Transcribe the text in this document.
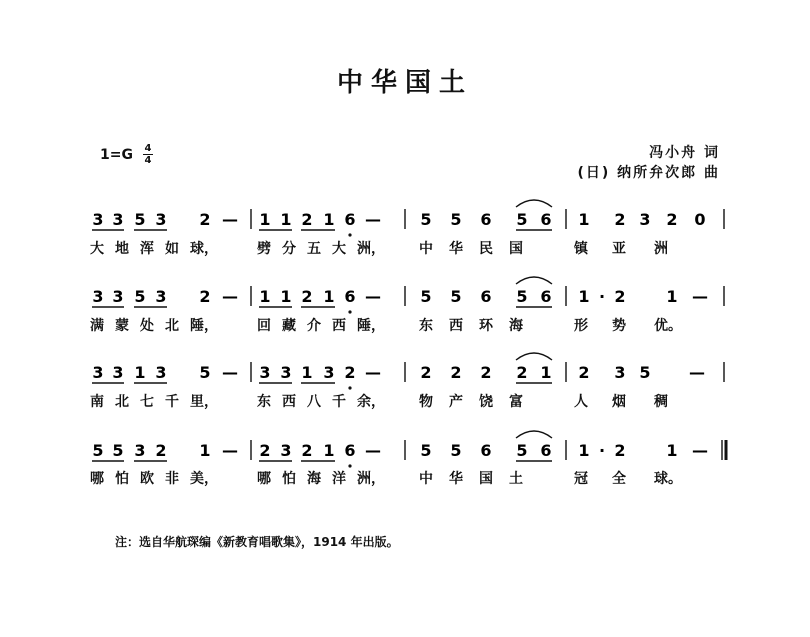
中华国土
$1=G \frac{4}{4}$	冯小舟 词
(日) 纳所弁次郎 曲
3 3 5 3 2 — 1 1 2 1 6 — 5 5 6 5 6 1 2 3 2 0
3 3 5 3 2 — 1 1 2 1 6 — 5 5 6 5 6 1 · 2	1 —
3 3 1 3 5 — 3 3 1 3 2 — 2 2 2 2 1 2 3 5 —
5 5 3 2 1 — 2 3 2 1 6 — 5 5 6 5 6 1 · 2	1 —
大 地 浑 如 球，	劈 分 五 大 洲， 中 华 民 国	镇 亚 洲
满 蒙 处 北 陲，	回 藏 介 西 陲， 东 西 环 海	形 势 优。
南 北 七 千 里，	东 西 八 千 余， 物 产 饶 富	人 烟 稠
哪 怕 欧 非 美，	哪 怕 海 洋 洲， 中 华 国 土	冠 全 球。
注：选自华航琛编《新教育唱歌集》，1914 年出版。
